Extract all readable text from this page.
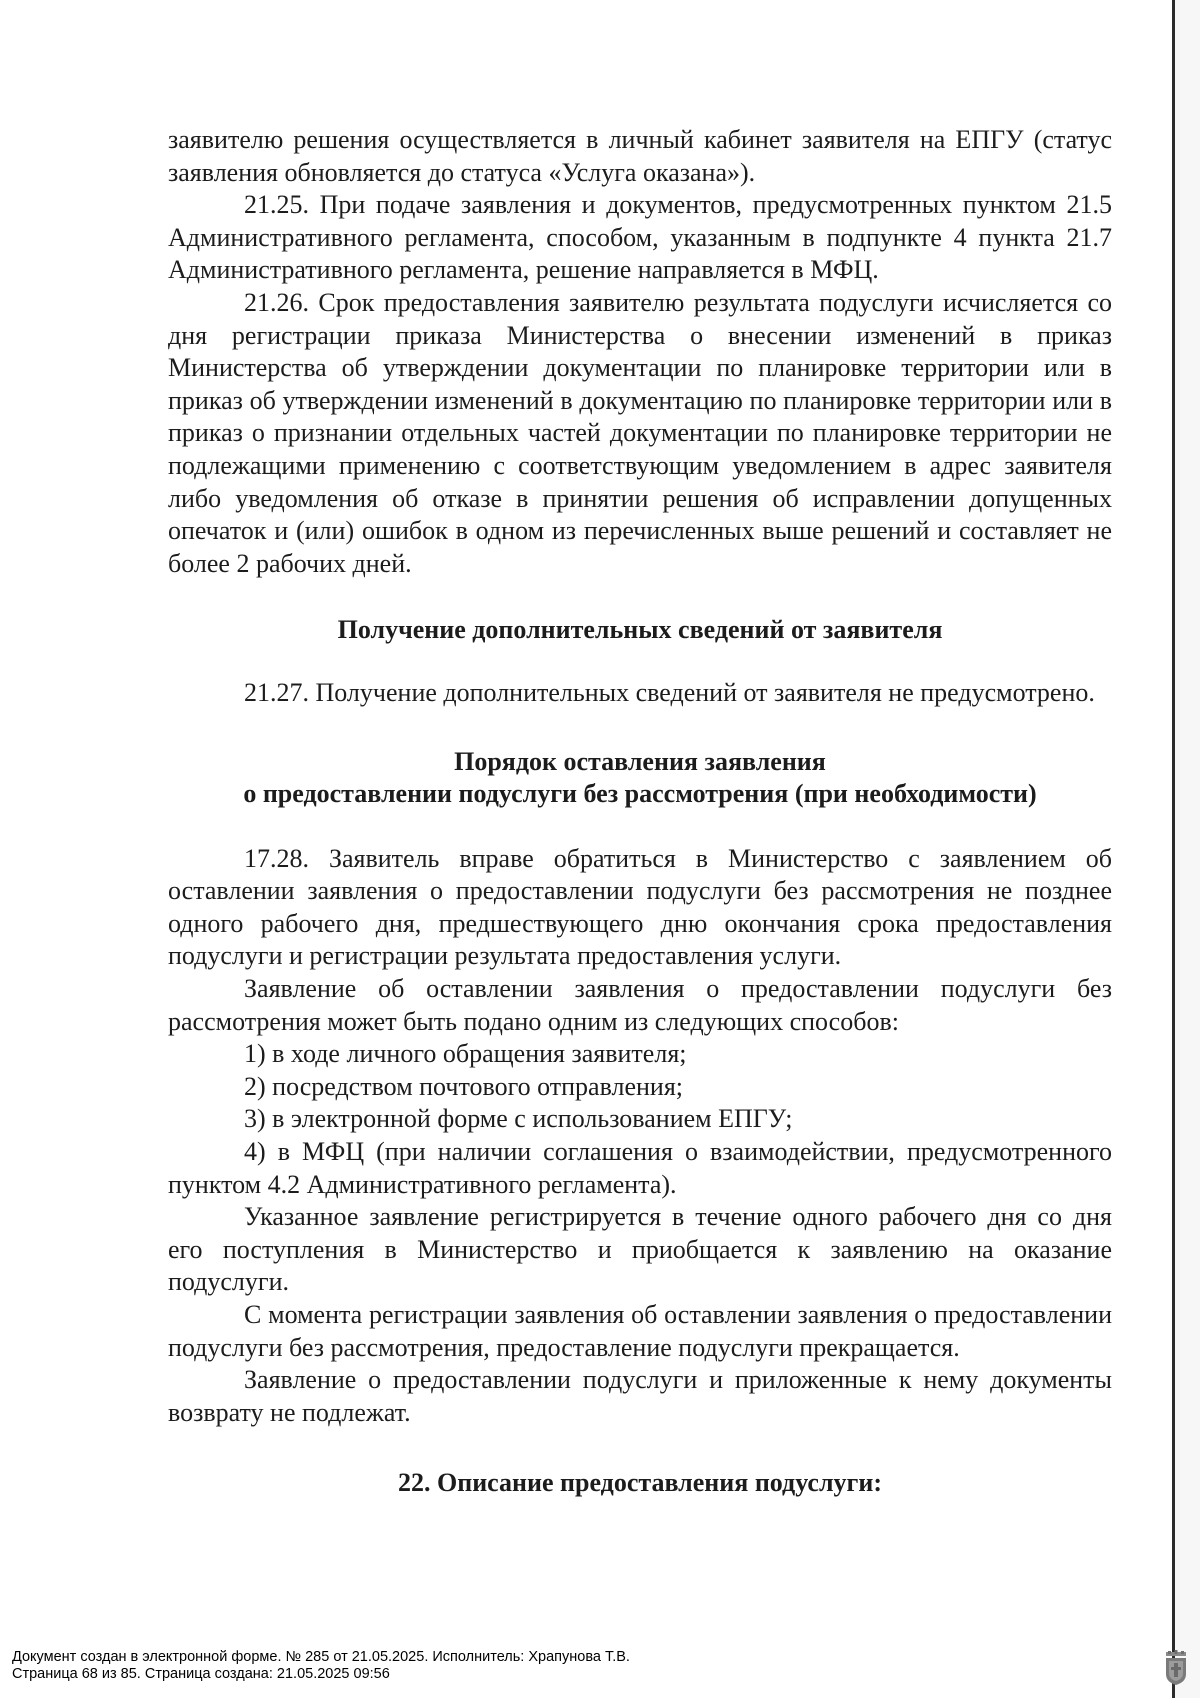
заявителю решения осуществляется в личный кабинет заявителя на ЕПГУ (статус заявления обновляется до статуса «Услуга оказана»).

21.25. При подаче заявления и документов, предусмотренных пунктом 21.5 Административного регламента, способом, указанным в подпункте 4 пункта 21.7 Административного регламента, решение направляется в МФЦ.

21.26. Срок предоставления заявителю результата подуслуги исчисляется со дня регистрации приказа Министерства о внесении изменений в приказ Министерства об утверждении документации по планировке территории или в приказ об утверждении изменений в документацию по планировке территории или в приказ о признании отдельных частей документации по планировке территории не подлежащими применению с соответствующим уведомлением в адрес заявителя либо уведомления об отказе в принятии решения об исправлении допущенных опечаток и (или) ошибок в одном из перечисленных выше решений и составляет не более 2 рабочих дней.

Получение дополнительных сведений от заявителя

21.27. Получение дополнительных сведений от заявителя не предусмотрено.

Порядок оставления заявления
о предоставлении подуслуги без рассмотрения (при необходимости)

17.28. Заявитель вправе обратиться в Министерство с заявлением об оставлении заявления о предоставлении подуслуги без рассмотрения не позднее одного рабочего дня, предшествующего дню окончания срока предоставления подуслуги и регистрации результата предоставления услуги.

Заявление об оставлении заявления о предоставлении подуслуги без рассмотрения может быть подано одним из следующих способов:

1) в ходе личного обращения заявителя;

2) посредством почтового отправления;

3) в электронной форме с использованием ЕПГУ;

4) в МФЦ (при наличии соглашения о взаимодействии, предусмотренного пунктом 4.2 Административного регламента).

Указанное заявление регистрируется в течение одного рабочего дня со дня его поступления в Министерство и приобщается к заявлению на оказание подуслуги.

С момента регистрации заявления об оставлении заявления о предоставлении подуслуги без рассмотрения, предоставление подуслуги прекращается.

Заявление о предоставлении подуслуги и приложенные к нему документы возврату не подлежат.

22. Описание предоставления подуслуги:
Документ создан в электронной форме. № 285 от 21.05.2025. Исполнитель: Храпунова Т.В.
Страница 68 из 85. Страница создана: 21.05.2025 09:56
